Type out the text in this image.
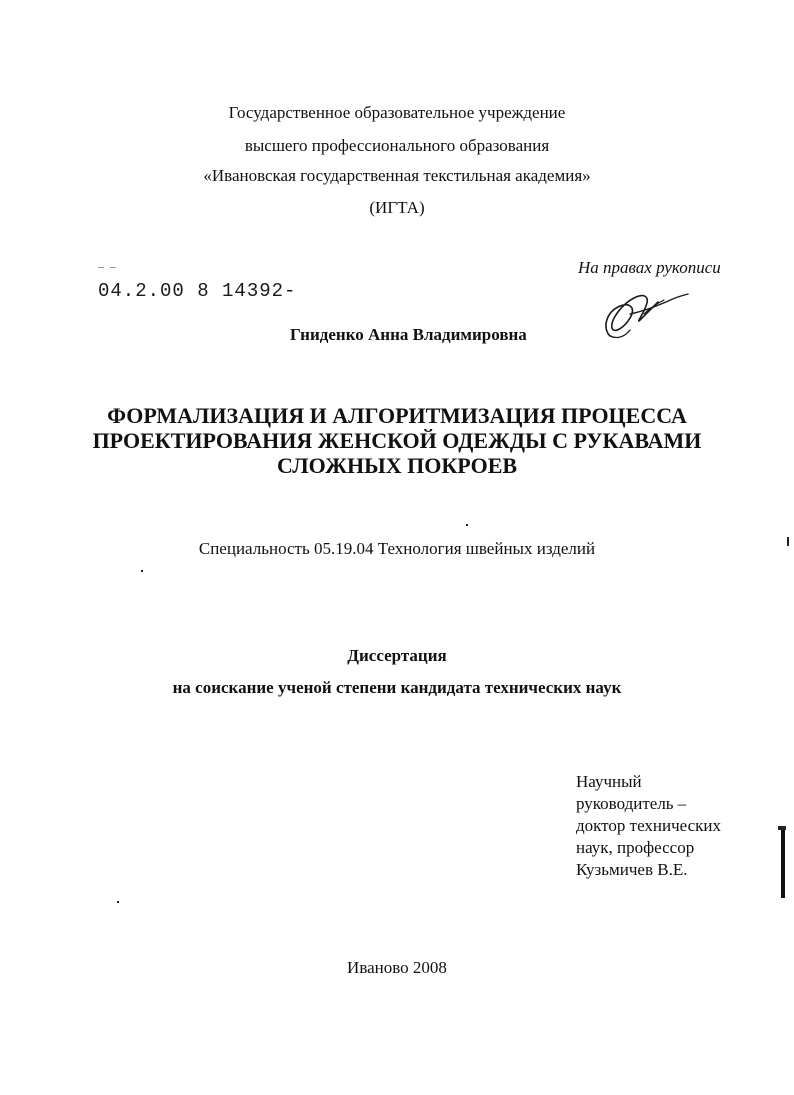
Государственное образовательное учреждение
высшего профессионального образования
«Ивановская государственная текстильная академия»
(ИГТА)
‾ ‾
04.2.00 8 14392-
На правах рукописи
Гниденко Анна Владимировна
ФОРМАЛИЗАЦИЯ И АЛГОРИТМИЗАЦИЯ ПРОЦЕССА
ПРОЕКТИРОВАНИЯ ЖЕНСКОЙ ОДЕЖДЫ С РУКАВАМИ
СЛОЖНЫХ ПОКРОЕВ
Специальность 05.19.04 Технология швейных изделий
Диссертация
на соискание ученой степени кандидата технических наук
Научный
руководитель –
доктор технических
наук, профессор
Кузьмичев В.Е.
Иваново 2008
